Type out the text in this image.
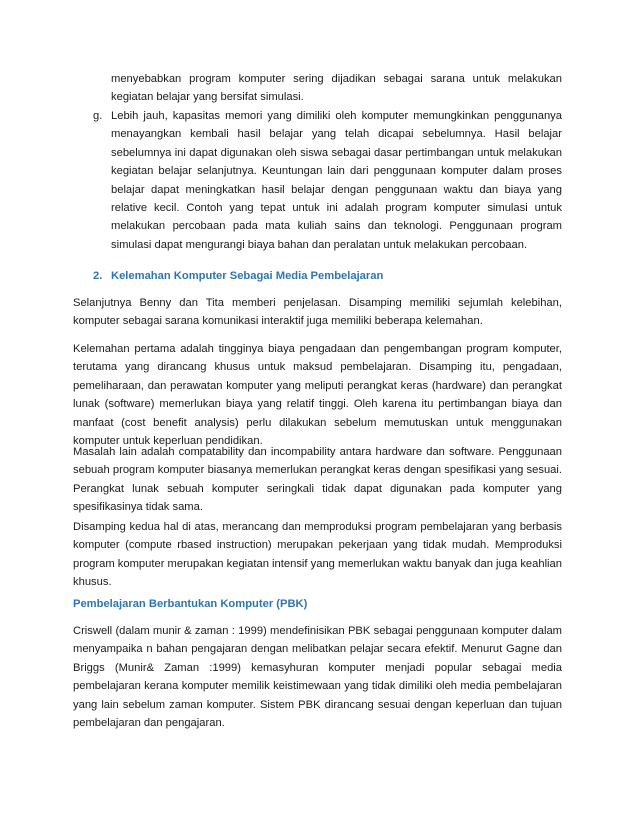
menyebabkan program komputer sering dijadikan sebagai sarana untuk melakukan kegiatan belajar yang bersifat simulasi.

g. Lebih jauh, kapasitas memori yang dimiliki oleh komputer memungkinkan penggunanya menayangkan kembali hasil belajar yang telah dicapai sebelumnya. Hasil belajar sebelumnya ini dapat digunakan oleh siswa sebagai dasar pertimbangan untuk melakukan kegiatan belajar selanjutnya. Keuntungan lain dari penggunaan komputer dalam proses belajar dapat meningkatkan hasil belajar dengan penggunaan waktu dan biaya yang relative kecil. Contoh yang tepat untuk ini adalah program komputer simulasi untuk melakukan percobaan pada mata kuliah sains dan teknologi. Penggunaan program simulasi dapat mengurangi biaya bahan dan peralatan untuk melakukan percobaan.

2. Kelemahan Komputer Sebagai Media Pembelajaran

Selanjutnya Benny dan Tita memberi penjelasan. Disamping memiliki sejumlah kelebihan, komputer sebagai sarana komunikasi interaktif juga memiliki beberapa kelemahan.

Kelemahan pertama adalah tingginya biaya pengadaan dan pengembangan program komputer, terutama yang dirancang khusus untuk maksud pembelajaran. Disamping itu, pengadaan, pemeliharaan, dan perawatan komputer yang meliputi perangkat keras (hardware) dan perangkat lunak (software) memerlukan biaya yang relatif tinggi. Oleh karena itu pertimbangan biaya dan manfaat (cost benefit analysis) perlu dilakukan sebelum memutuskan untuk menggunakan komputer untuk keperluan pendidikan.

Masalah lain adalah compatability dan incompability antara hardware dan software. Penggunaan sebuah program komputer biasanya memerlukan perangkat keras dengan spesifikasi yang sesuai. Perangkat lunak sebuah komputer seringkali tidak dapat digunakan pada komputer yang spesifikasinya tidak sama.

Disamping kedua hal di atas, merancang dan memproduksi program pembelajaran yang berbasis komputer (compute rbased instruction) merupakan pekerjaan yang tidak mudah. Memproduksi program komputer merupakan kegiatan intensif yang memerlukan waktu banyak dan juga keahlian khusus.

Pembelajaran Berbantukan Komputer (PBK)

Criswell (dalam munir & zaman : 1999) mendefinisikan PBK sebagai penggunaan komputer dalam menyampaika n bahan pengajaran dengan melibatkan pelajar secara efektif. Menurut Gagne dan Briggs (Munir& Zaman :1999) kemasyhuran komputer menjadi popular sebagai media pembelajaran kerana komputer memilik keistimewaan yang tidak dimiliki oleh media pembelajaran yang lain sebelum zaman komputer. Sistem PBK dirancang sesuai dengan keperluan dan tujuan pembelajaran dan pengajaran.
